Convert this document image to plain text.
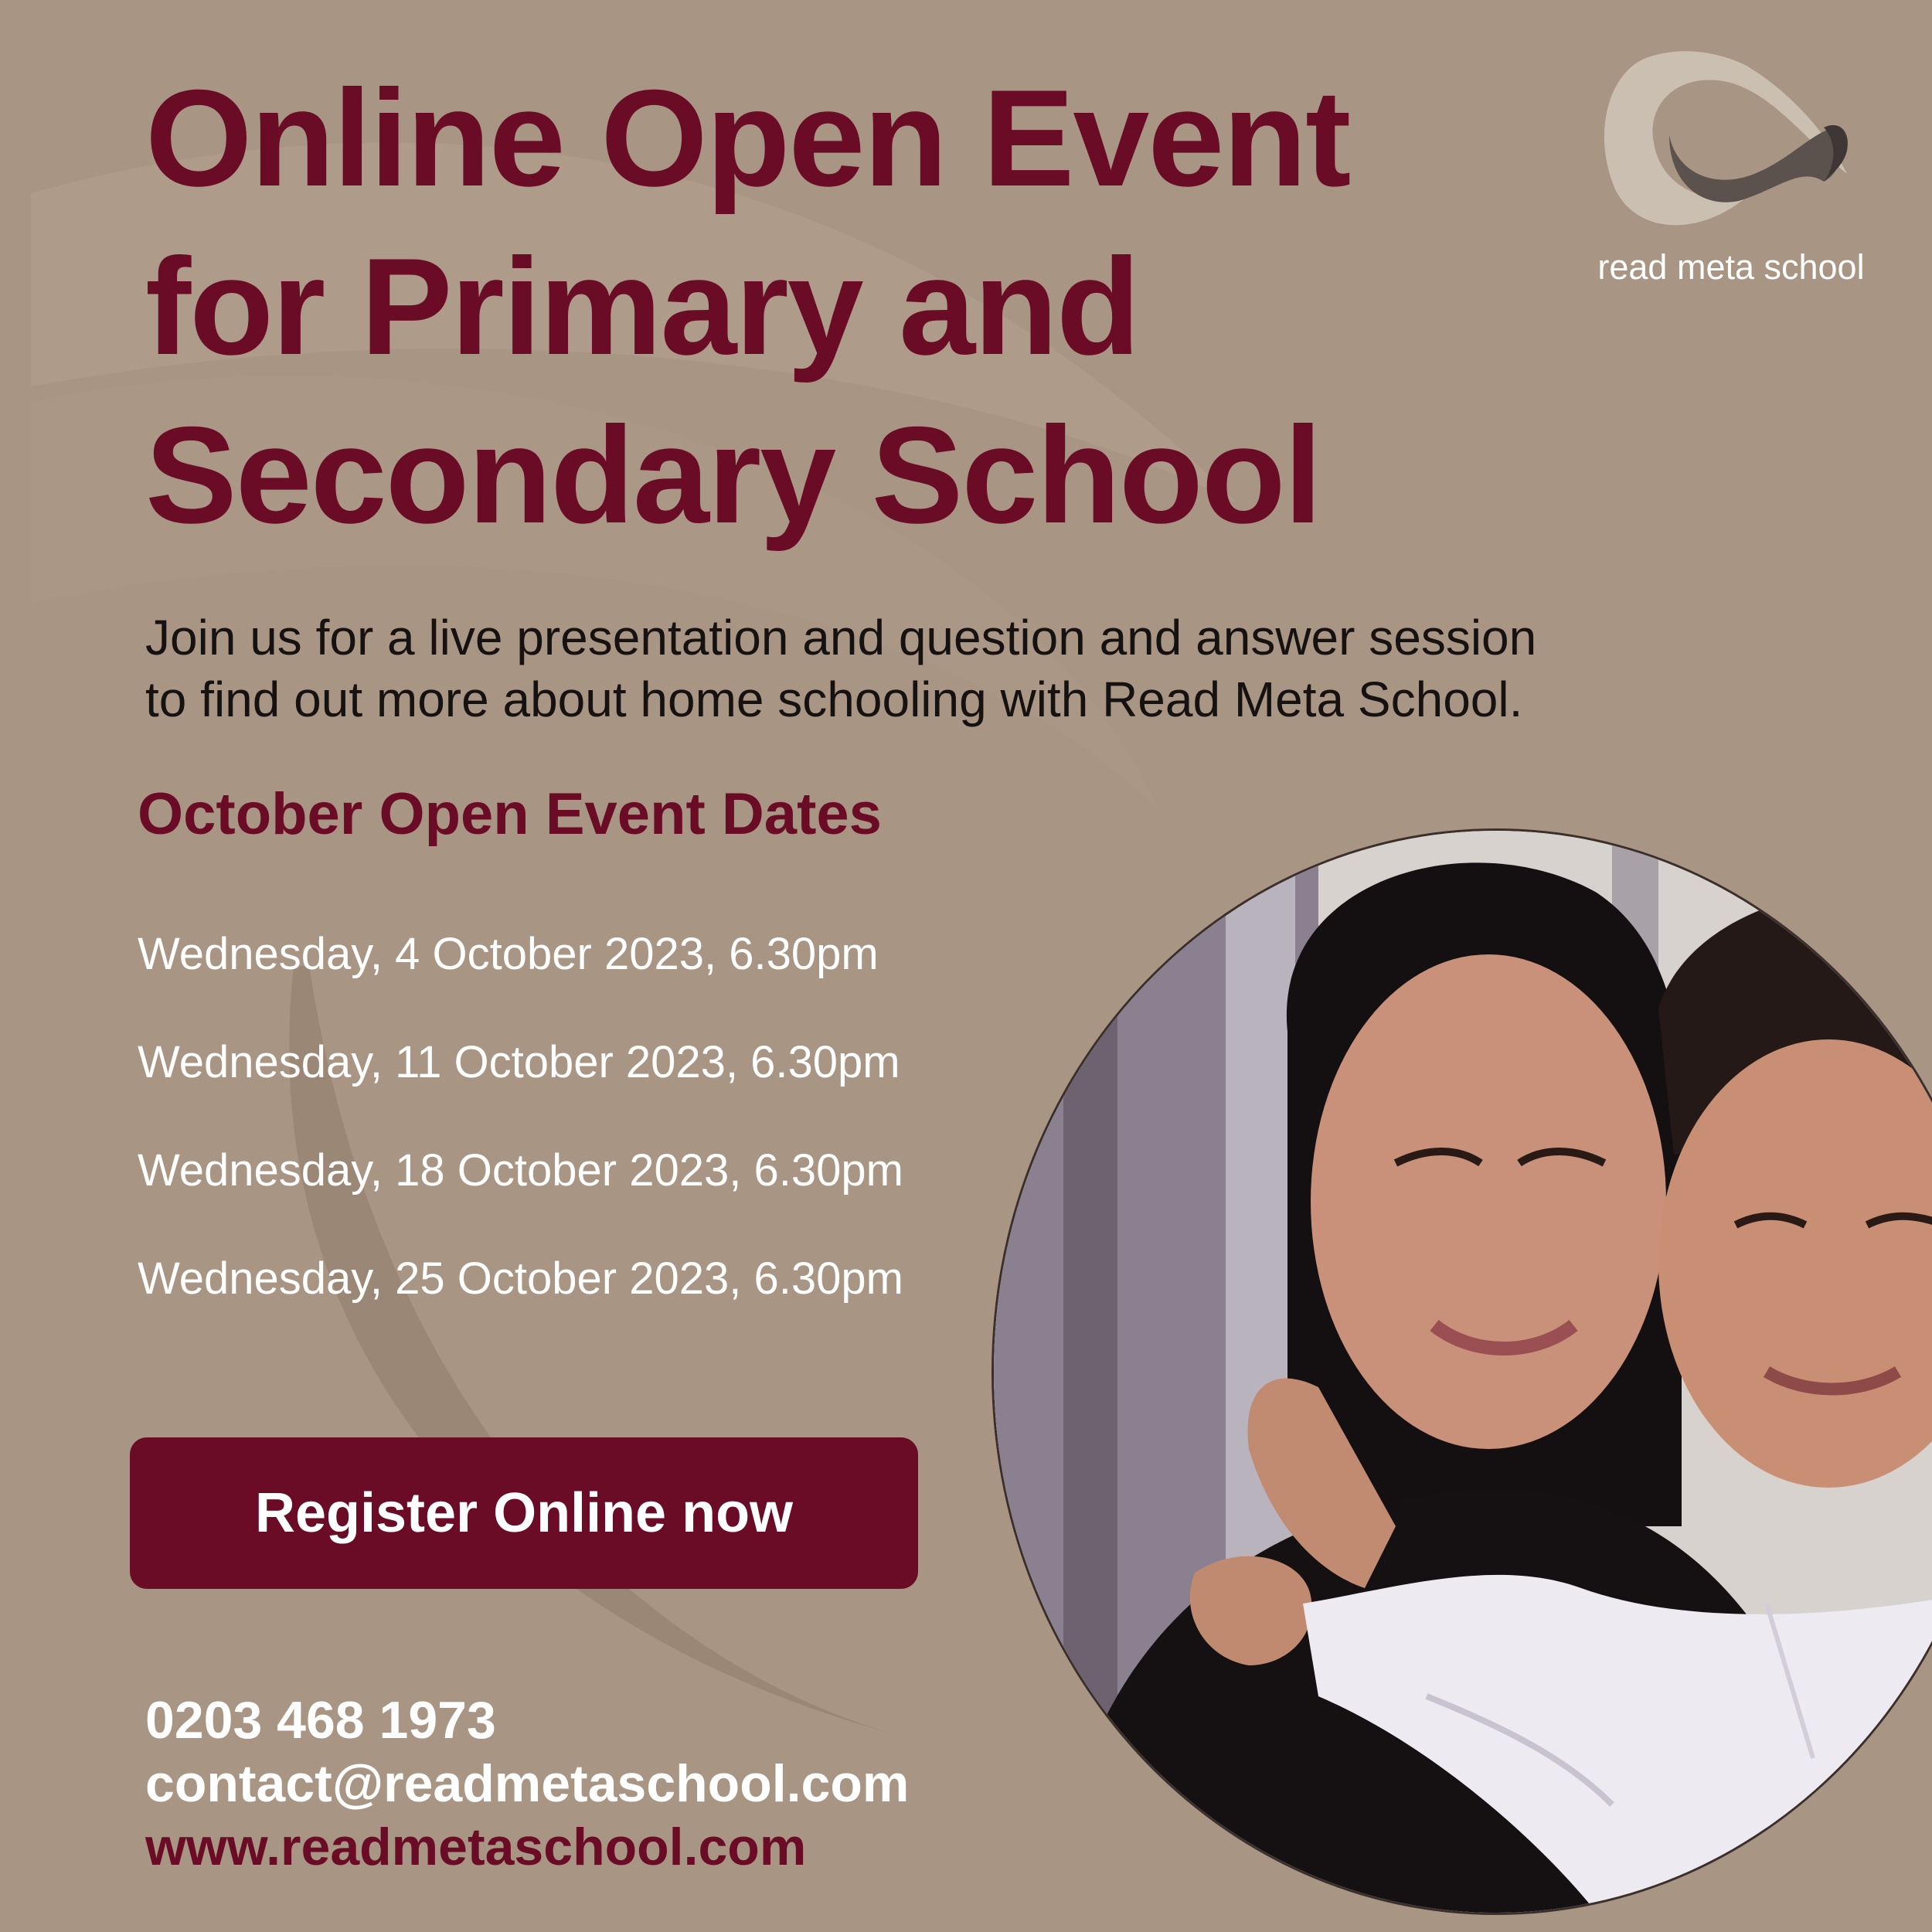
Online Open Event
for Primary and
Secondary School
read meta school

Join us for a live presentation and question and answer session
to find out more about home schooling with Read Meta School.

October Open Event Dates
Wednesday, 4 October 2023, 6.30pm
Wednesday, 11 October 2023, 6.30pm
Wednesday, 18 October 2023, 6.30pm
Wednesday, 25 October 2023, 6.30pm
Register Online now
0203 468 1973
contact@readmetaschool.com
www.readmetaschool.com
